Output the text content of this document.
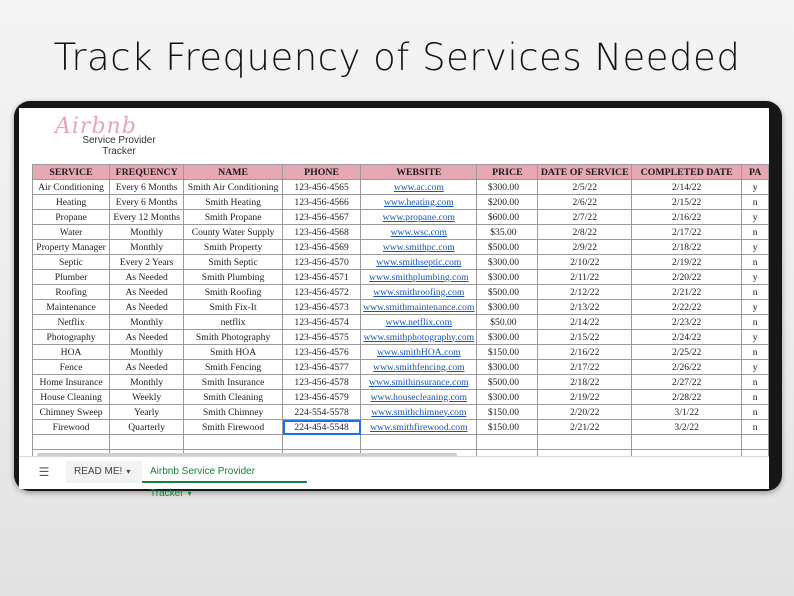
Track Frequency of Services Needed
Airbnb
Service Provider
Tracker
SERVICE	FREQUENCY	NAME	PHONE	WEBSITE	PRICE	DATE OF SERVICE	COMPLETED DATE	PA
Air Conditioning	Every 6 Months	Smith Air Conditioning	123-456-4565	www.ac.com	$300.00	2/5/22	2/14/22	y
Heating	Every 6 Months	Smith Heating	123-456-4566	www.heating.com	$200.00	2/6/22	2/15/22	n
Propane	Every 12 Months	Smith Propane	123-456-4567	www.propane.com	$600.00	2/7/22	2/16/22	y
Water	Monthly	County Water Supply	123-456-4568	www.wsc.com	$35.00	2/8/22	2/17/22	n
Property Manager	Monthly	Smith Property	123-456-4569	www.smithpc.com	$500.00	2/9/22	2/18/22	y
Septic	Every 2 Years	Smith Septic	123-456-4570	www.smithseptic.com	$300.00	2/10/22	2/19/22	n
Plumber	As Needed	Smith Plumbing	123-456-4571	www.smithplumbing.com	$300.00	2/11/22	2/20/22	y
Roofing	As Needed	Smith Roofing	123-456-4572	www.smithroofing.com	$500.00	2/12/22	2/21/22	n
Maintenance	As Needed	Smith Fix-It	123-456-4573	www.smithmaintenance.com	$300.00	2/13/22	2/22/22	y
Netflix	Monthly	netflix	123-456-4574	www.netflix.com	$50.00	2/14/22	2/23/22	n
Photography	As Needed	Smith Photography	123-456-4575	www.smithphotography.com	$300.00	2/15/22	2/24/22	y
HOA	Monthly	Smith HOA	123-456-4576	www.smithHOA.com	$150.00	2/16/22	2/25/22	n
Fence	As Needed	Smith Fencing	123-456-4577	www.smithfencing.com	$300.00	2/17/22	2/26/22	y
Home Insurance	Monthly	Smith Insurance	123-456-4578	www.smithinsurance.com	$500.00	2/18/22	2/27/22	n
House Cleaning	Weekly	Smith Cleaning	123-456-4579	www.housecleaning.com	$300.00	2/19/22	2/28/22	n
Chimney Sweep	Yearly	Smith Chimney	224-554-5578	www.smithchimney.com	$150.00	2/20/22	3/1/22	n
Firewood	Quarterly	Smith Firewood	224-454-5548	www.smithfirewood.com	$150.00	2/21/22	3/2/22	n

☰	READ ME! ▾	Airbnb Service Provider Tracker ▾
